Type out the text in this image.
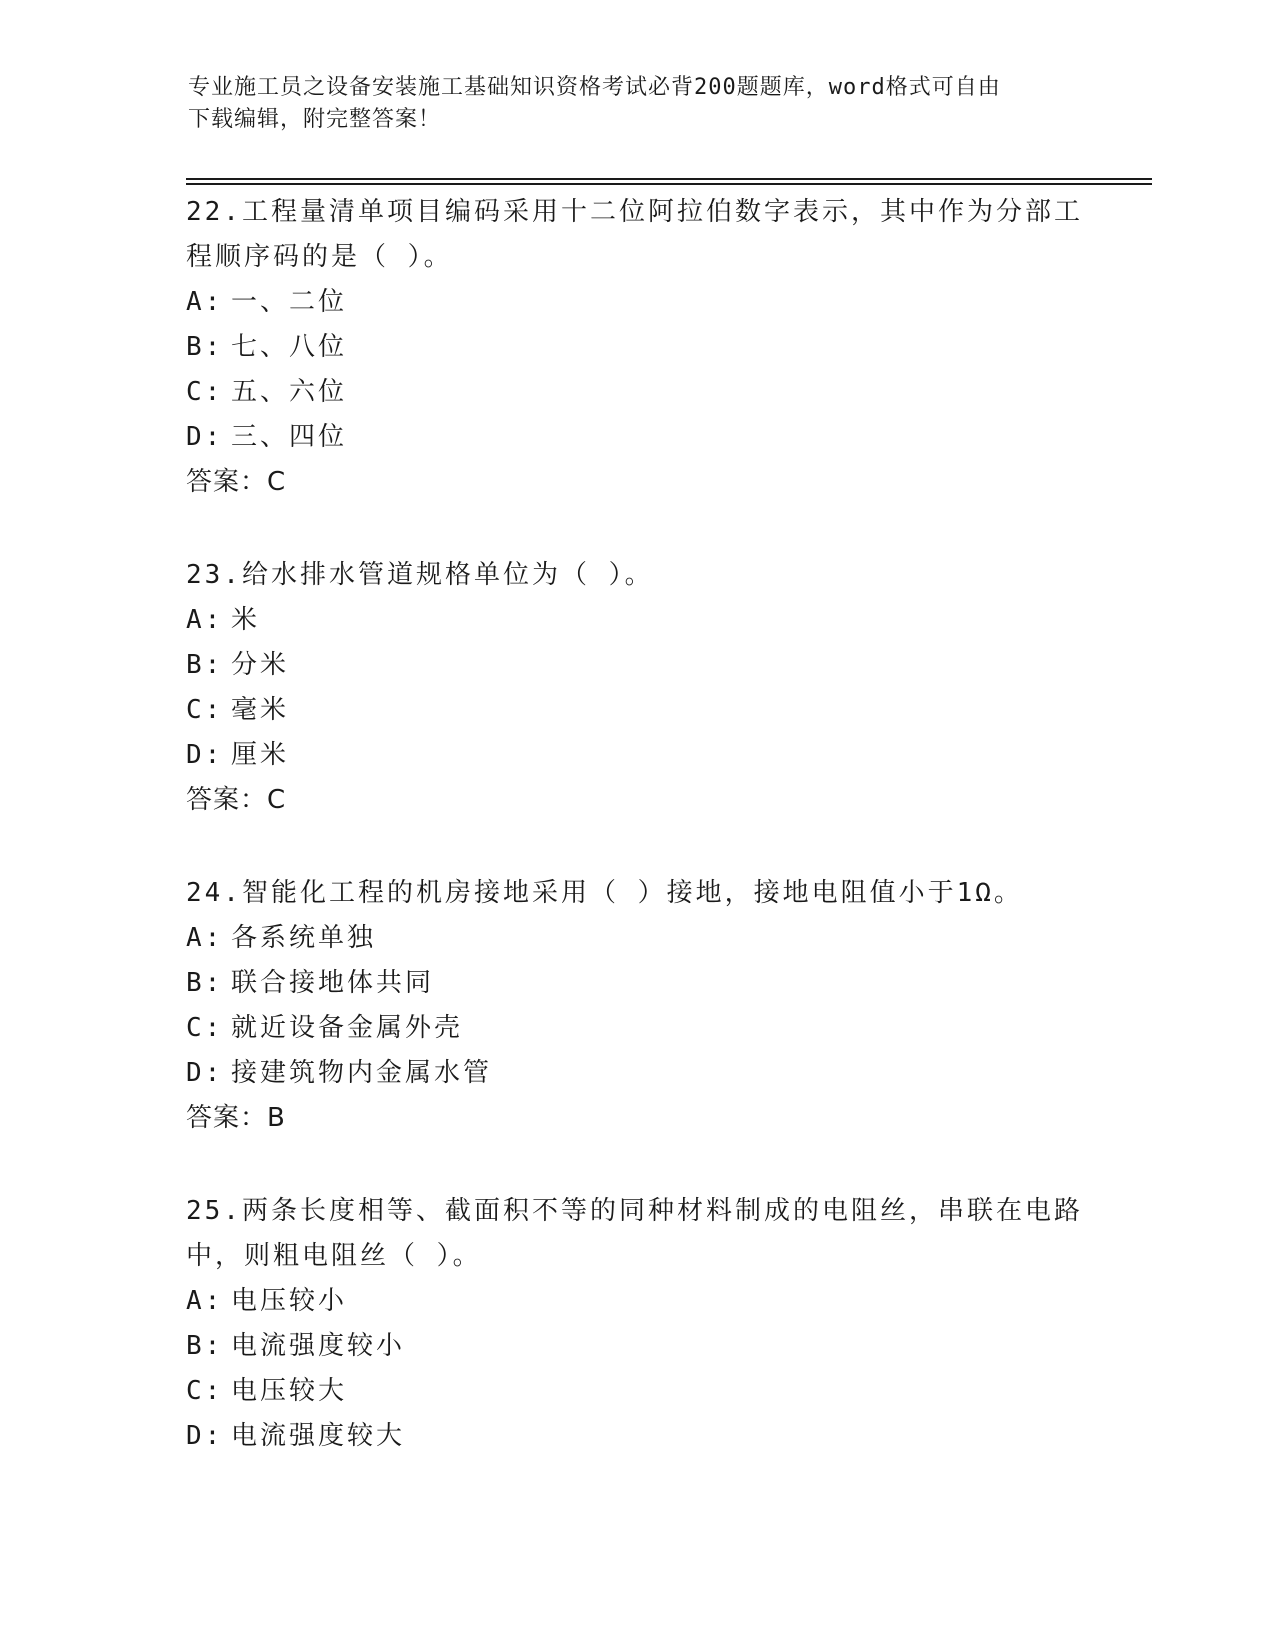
专业施工员之设备安装施工基础知识资格考试必背200题题库，word格式可自由
下载编辑，附完整答案！
22.工程量清单项目编码采用十二位阿拉伯数字表示，其中作为分部工
程顺序码的是（ ）。
A: 一、二位
B: 七、八位
C: 五、六位
D: 三、四位
答案：C
23.给水排水管道规格单位为（ ）。
A: 米
B: 分米
C: 毫米
D: 厘米
答案：C
24.智能化工程的机房接地采用（ ）接地，接地电阻值小于1Ω。
A: 各系统单独
B: 联合接地体共同
C: 就近设备金属外壳
D: 接建筑物内金属水管
答案：B
25.两条长度相等、截面积不等的同种材料制成的电阻丝，串联在电路
中，则粗电阻丝（ ）。
A: 电压较小
B: 电流强度较小
C: 电压较大
D: 电流强度较大
